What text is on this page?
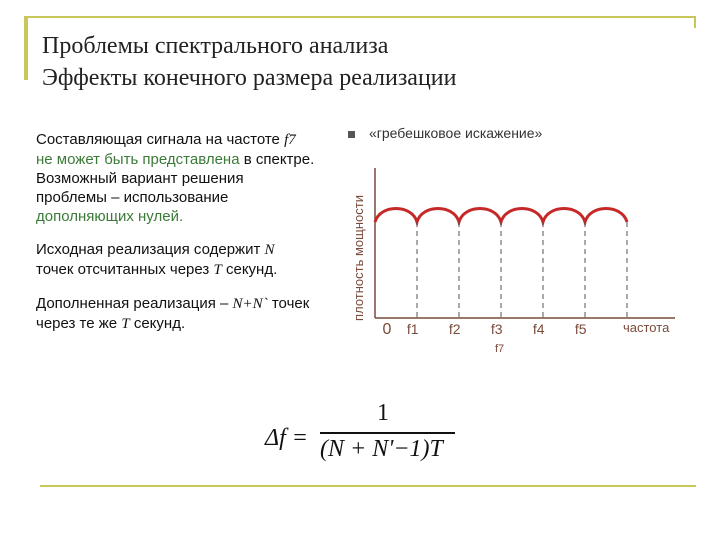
Проблемы спектрального анализа
Эффекты конечного размера реализации

Составляющая сигнала на частоте f7 не может быть представлена в спектре. Возможный вариант решения проблемы – использование дополняющих нулей.

Исходная реализация содержит N точек отсчитанных через T секунд.

Дополненная реализация – N+N` точек через те же T секунд.

«гребешковое искажение»
плотность мощности
f1 f2 f3 f4 f5
f7
0	частота
Δf =
1
(N + N'−1)T
